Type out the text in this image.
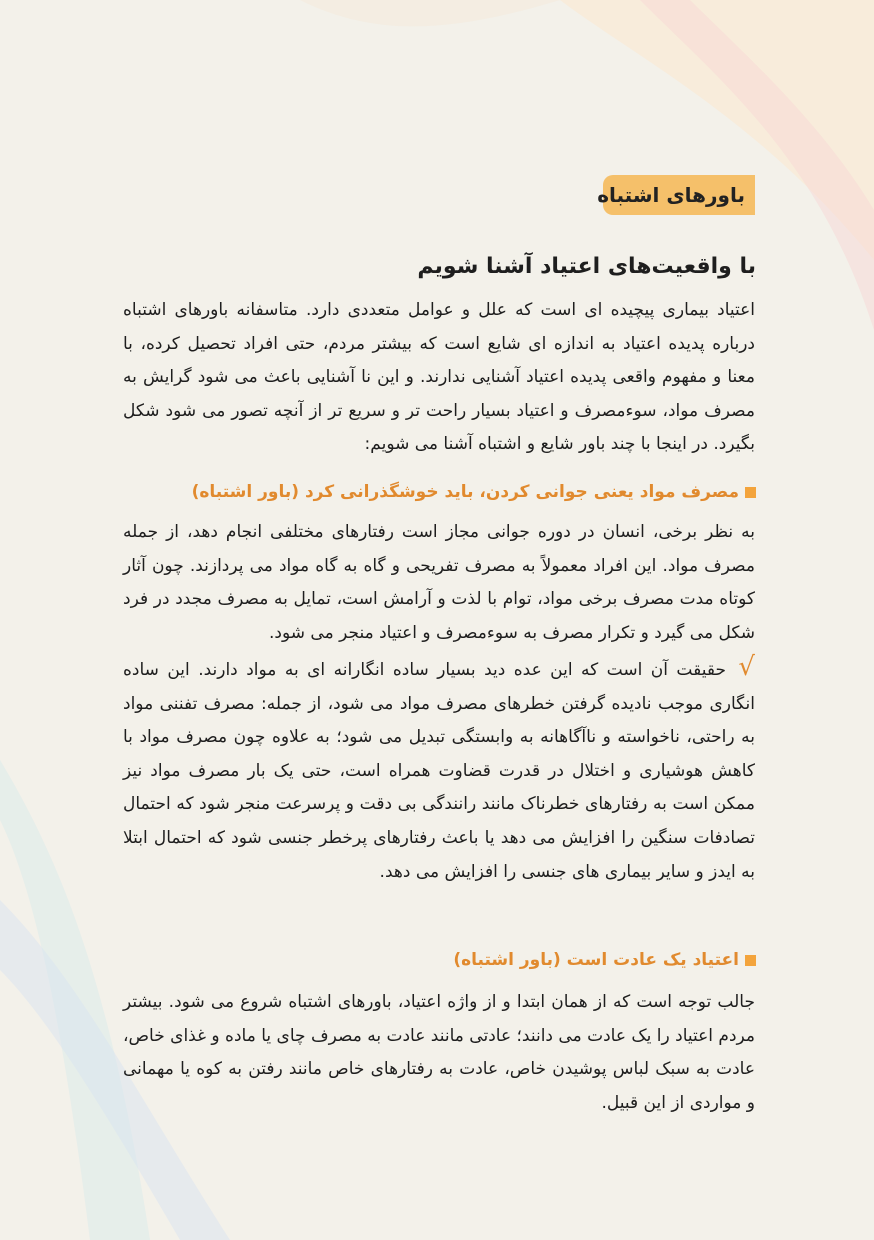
باورهای اشتباه
با واقعیت‌های اعتیاد آشنا شویم

اعتیاد بیماری پیچیده ای است که علل و عوامل متعددی دارد. متاسفانه باورهای اشتباه درباره پدیده اعتیاد به اندازه ای شایع است که بیشتر مردم، حتی افراد تحصیل کرده، با معنا و مفهوم واقعی پدیده اعتیاد آشنایی ندارند. و این نا آشنایی باعث می شود گرایش به مصرف مواد، سوءمصرف و اعتیاد بسیار راحت تر و سریع تر از آنچه تصور می شود شکل بگیرد. در اینجا با چند باور شایع و اشتباه آشنا می شویم:

مصرف مواد یعنی جوانی کردن، باید خوشگذرانی کرد (باور اشتباه)

به نظر برخی، انسان در دوره جوانی مجاز است رفتارهای مختلفی انجام دهد، از جمله مصرف مواد. این افراد معمولاً به مصرف تفریحی و گاه به گاه مواد می پردازند. چون آثار کوتاه مدت مصرف برخی مواد، توام با لذت و آرامش است، تمایل به مصرف مجدد در فرد شکل می گیرد و تکرار مصرف به سوءمصرف و اعتیاد منجر می شود.

√ حقیقت آن است که این عده دید بسیار ساده انگارانه ای به مواد دارند. این ساده انگاری موجب نادیده گرفتن خطرهای مصرف مواد می شود، از جمله: مصرف تفننی مواد به راحتی، ناخواسته و ناآگاهانه به وابستگی تبدیل می شود؛ به علاوه چون مصرف مواد با کاهش هوشیاری و اختلال در قدرت قضاوت همراه است، حتی یک بار مصرف مواد نیز ممکن است به رفتارهای خطرناک مانند رانندگی بی دقت و پرسرعت منجر شود که احتمال تصادفات سنگین را افزایش می دهد یا باعث رفتارهای پرخطر جنسی شود که احتمال ابتلا به ایدز و سایر بیماری های جنسی را افزایش می دهد.

اعتیاد یک عادت است (باور اشتباه)

جالب توجه است که از همان ابتدا و از واژه اعتیاد، باورهای اشتباه شروع می شود. بیشتر مردم اعتیاد را یک عادت می دانند؛ عادتی مانند عادت به مصرف چای یا ماده و غذای خاص، عادت به سبک لباس پوشیدن خاص، عادت به رفتارهای خاص مانند رفتن به کوه یا مهمانی و مواردی از این قبیل.
